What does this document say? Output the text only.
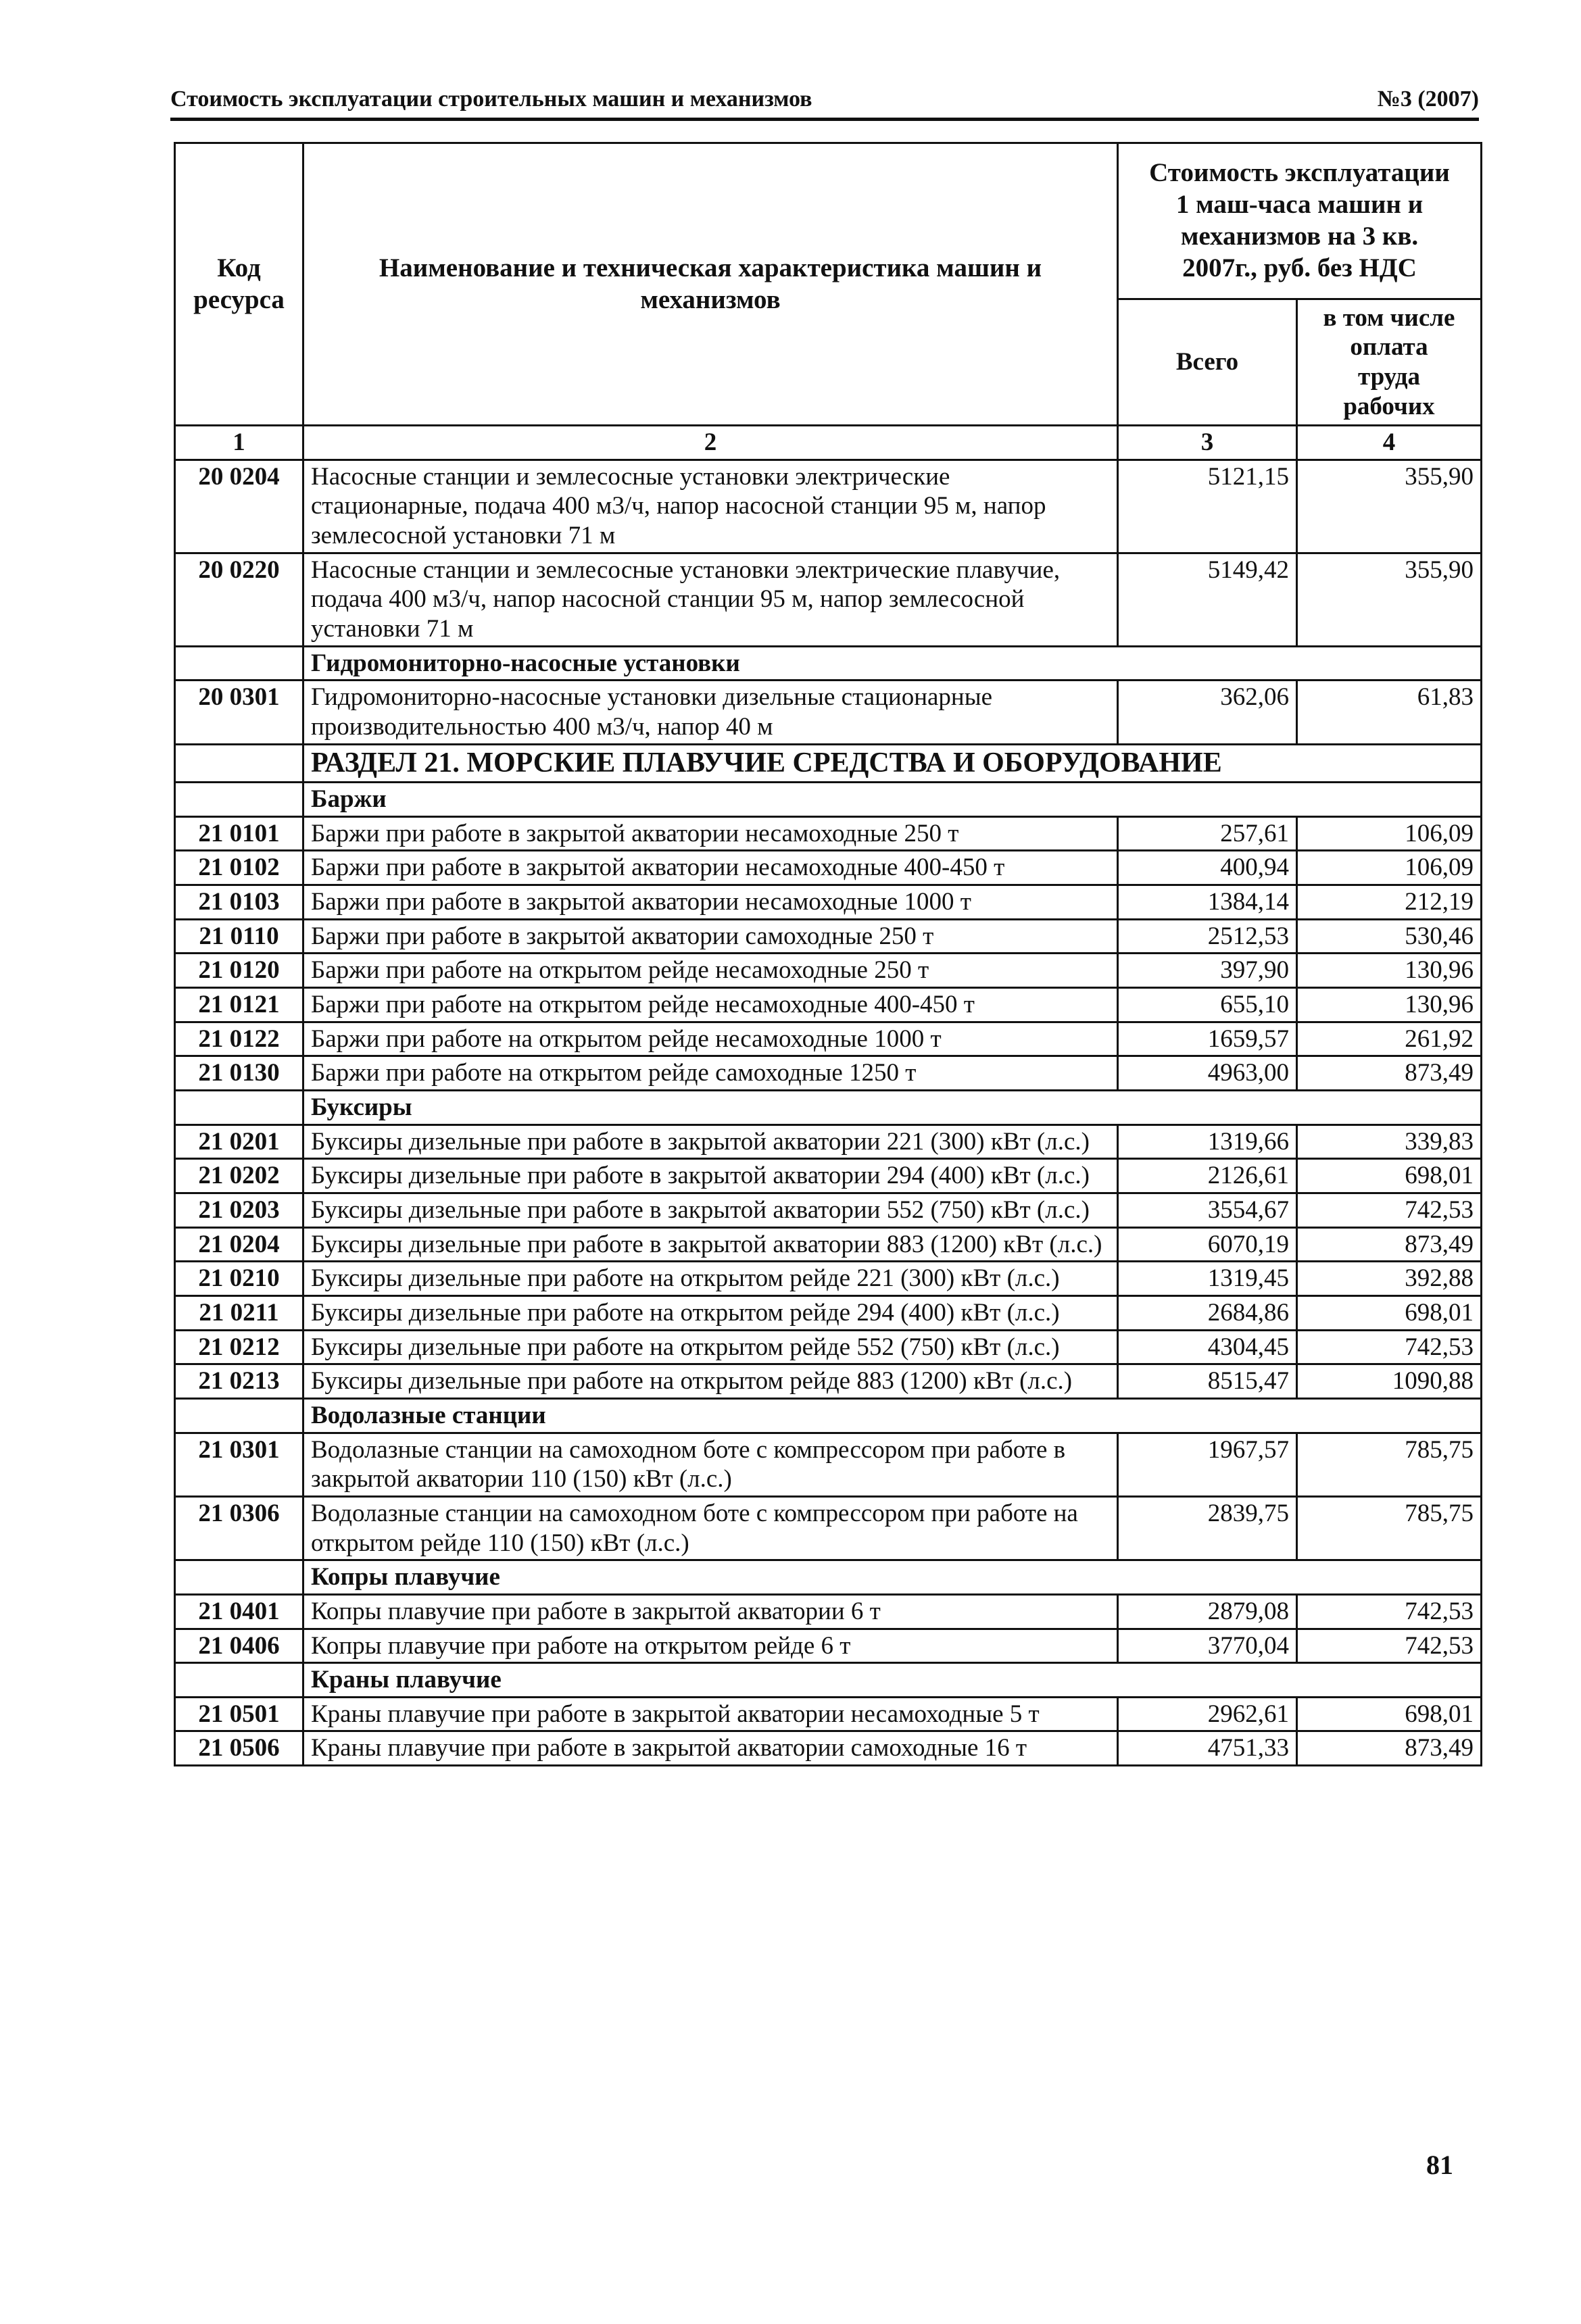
Стоимость эксплуатации строительных машин и механизмов	№3 (2007)
Код ресурса	Наименование и техническая характеристика машин и механизмов	Стоимость эксплуатации 1 маш-часа машин и механизмов на 3 кв. 2007г., руб. без НДС	
		Всего	в том числе оплата труда рабочих
1	2	3	4
20 0204	Насосные станции и землесосные установки электрические стационарные, подача 400 м3/ч, напор насосной станции 95 м, напор землесосной установки 71 м	5121,15	355,90
20 0220	Насосные станции и землесосные установки электрические плавучие, подача 400 м3/ч, напор насосной станции 95 м, напор землесосной установки 71 м	5149,42	355,90
	Гидромониторно-насосные установки		
20 0301	Гидромониторно-насосные установки дизельные стационарные производительностью 400 м3/ч, напор 40 м	362,06	61,83
	РАЗДЕЛ 21. МОРСКИЕ ПЛАВУЧИЕ СРЕДСТВА И ОБОРУДОВАНИЕ		
	Баржи		
21 0101	Баржи при работе в закрытой акватории несамоходные 250 т	257,61	106,09
21 0102	Баржи при работе в закрытой акватории несамоходные 400-450 т	400,94	106,09
21 0103	Баржи при работе в закрытой акватории несамоходные 1000 т	1384,14	212,19
21 0110	Баржи при работе в закрытой акватории самоходные 250 т	2512,53	530,46
21 0120	Баржи при работе на открытом рейде несамоходные 250 т	397,90	130,96
21 0121	Баржи при работе на открытом рейде несамоходные 400-450 т	655,10	130,96
21 0122	Баржи при работе на открытом рейде несамоходные 1000 т	1659,57	261,92
21 0130	Баржи при работе на открытом рейде самоходные 1250 т	4963,00	873,49
	Буксиры		
21 0201	Буксиры дизельные при работе в закрытой акватории 221 (300) кВт (л.с.)	1319,66	339,83
21 0202	Буксиры дизельные при работе в закрытой акватории 294 (400) кВт (л.с.)	2126,61	698,01
21 0203	Буксиры дизельные при работе в закрытой акватории 552 (750) кВт (л.с.)	3554,67	742,53
21 0204	Буксиры дизельные при работе в закрытой акватории 883 (1200) кВт (л.с.)	6070,19	873,49
21 0210	Буксиры дизельные при работе на открытом рейде 221 (300) кВт (л.с.)	1319,45	392,88
21 0211	Буксиры дизельные при работе на открытом рейде 294 (400) кВт (л.с.)	2684,86	698,01
21 0212	Буксиры дизельные при работе на открытом рейде 552 (750) кВт (л.с.)	4304,45	742,53
21 0213	Буксиры дизельные при работе на открытом рейде 883 (1200) кВт (л.с.)	8515,47	1090,88
	Водолазные станции		
21 0301	Водолазные станции на самоходном боте с компрессором при работе в закрытой акватории 110 (150) кВт (л.с.)	1967,57	785,75
21 0306	Водолазные станции на самоходном боте с компрессором при работе на открытом рейде 110 (150) кВт (л.с.)	2839,75	785,75
	Копры плавучие		
21 0401	Копры плавучие при работе в закрытой акватории 6 т	2879,08	742,53
21 0406	Копры плавучие при работе на открытом рейде 6 т	3770,04	742,53
	Краны плавучие		
21 0501	Краны плавучие при работе в закрытой акватории несамоходные 5 т	2962,61	698,01
21 0506	Краны плавучие при работе в закрытой акватории самоходные 16 т	4751,33	873,49
81
